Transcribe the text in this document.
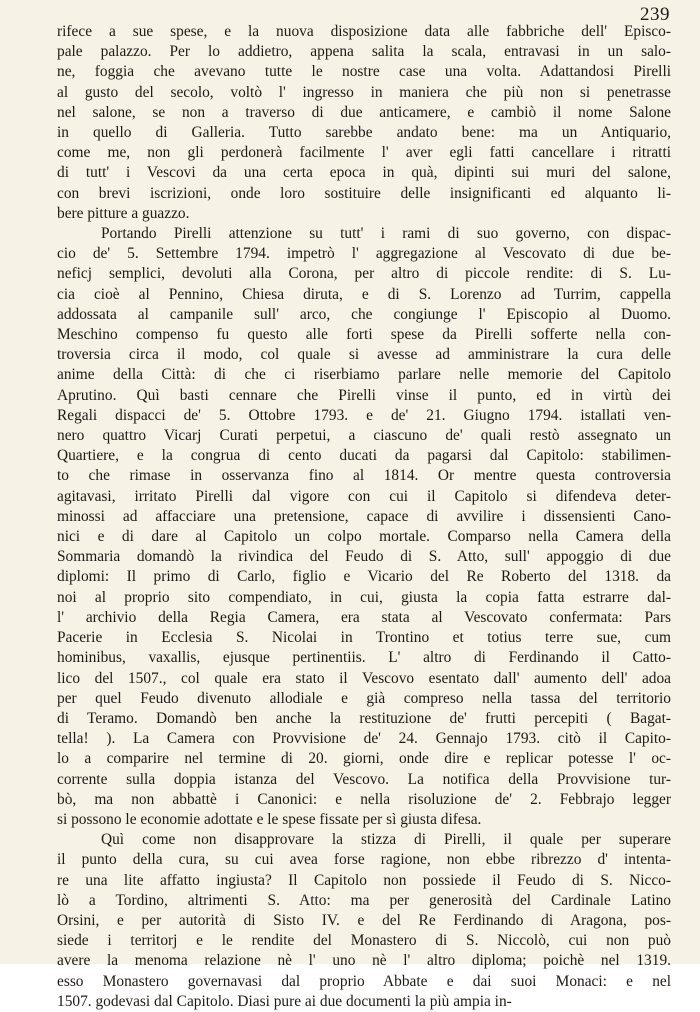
239
rifece a sue spese, e la nuova disposizione data alle fabbriche dell' Episco-
pale palazzo. Per lo addietro, appena salita la scala, entravasi in un salo-
ne, foggia che avevano tutte le nostre case una volta. Adattandosi Pirelli
al gusto del secolo, voltò l' ingresso in maniera che più non si penetrasse
nel salone, se non a traverso di due anticamere, e cambiò il nome Salone
in quello di Galleria. Tutto sarebbe andato bene: ma un Antiquario,
come me, non gli perdonerà facilmente l' aver egli fatti cancellare i ritratti
di tutt' i Vescovi da una certa epoca in quà, dipinti sui muri del salone,
con brevi iscrizioni, onde loro sostituire delle insignificanti ed alquanto li-
bere pitture a guazzo.
Portando Pirelli attenzione su tutt' i rami di suo governo, con dispac-
cio de' 5. Settembre 1794. impetrò l' aggregazione al Vescovato di due be-
neficj semplici, devoluti alla Corona, per altro di piccole rendite: di S. Lu-
cia cioè al Pennino, Chiesa diruta, e di S. Lorenzo ad Turrim, cappella
addossata al campanile sull' arco, che congiunge l' Episcopio al Duomo.
Meschino compenso fu questo alle forti spese da Pirelli sofferte nella con-
troversia circa il modo, col quale si avesse ad amministrare la cura delle
anime della Città: di che ci riserbiamo parlare nelle memorie del Capitolo
Aprutino. Quì basti cennare che Pirelli vinse il punto, ed in virtù dei
Regali dispacci de' 5. Ottobre 1793. e de' 21. Giugno 1794. istallati ven-
nero quattro Vicarj Curati perpetui, a ciascuno de' quali restò assegnato un
Quartiere, e la congrua di cento ducati da pagarsi dal Capitolo: stabilimen-
to che rimase in osservanza fino al 1814. Or mentre questa controversia
agitavasi, irritato Pirelli dal vigore con cui il Capitolo si difendeva deter-
minossi ad affacciare una pretensione, capace di avvilire i dissensienti Cano-
nici e di dare al Capitolo un colpo mortale. Comparso nella Camera della
Sommaria domandò la rivindica del Feudo di S. Atto, sull' appoggio di due
diplomi: Il primo di Carlo, figlio e Vicario del Re Roberto del 1318. da
noi al proprio sito compendiato, in cui, giusta la copia fatta estrarre dal-
l' archivio della Regia Camera, era stata al Vescovato confermata: Pars
Pacerie in Ecclesia S. Nicolai in Trontino et totius terre sue, cum
hominibus, vaxallis, ejusque pertinentiis. L' altro di Ferdinando il Catto-
lico del 1507., col quale era stato il Vescovo esentato dall' aumento dell' adoa
per quel Feudo divenuto allodiale e già compreso nella tassa del territorio
di Teramo. Domandò ben anche la restituzione de' frutti percepiti ( Bagat-
tella! ). La Camera con Provvisione de' 24. Gennajo 1793. citò il Capito-
lo a comparire nel termine di 20. giorni, onde dire e replicar potesse l' oc-
corrente sulla doppia istanza del Vescovo. La notifica della Provvisione tur-
bò, ma non abbattè i Canonici: e nella risoluzione de' 2. Febbrajo legger
si possono le economie adottate e le spese fissate per sì giusta difesa.
Quì come non disapprovare la stizza di Pirelli, il quale per superare
il punto della cura, su cui avea forse ragione, non ebbe ribrezzo d' intenta-
re una lite affatto ingiusta? Il Capitolo non possiede il Feudo di S. Nicco-
lò a Tordino, altrimenti S. Atto: ma per generosità del Cardinale Latino
Orsini, e per autorità di Sisto IV. e del Re Ferdinando di Aragona, pos-
siede i territorj e le rendite del Monastero di S. Niccolò, cui non può
avere la menoma relazione nè l' uno nè l' altro diploma; poichè nel 1319.
esso Monastero governavasi dal proprio Abbate e dai suoi Monaci: e nel
1507. godevasi dal Capitolo. Diasi pure ai due documenti la più ampia in-
